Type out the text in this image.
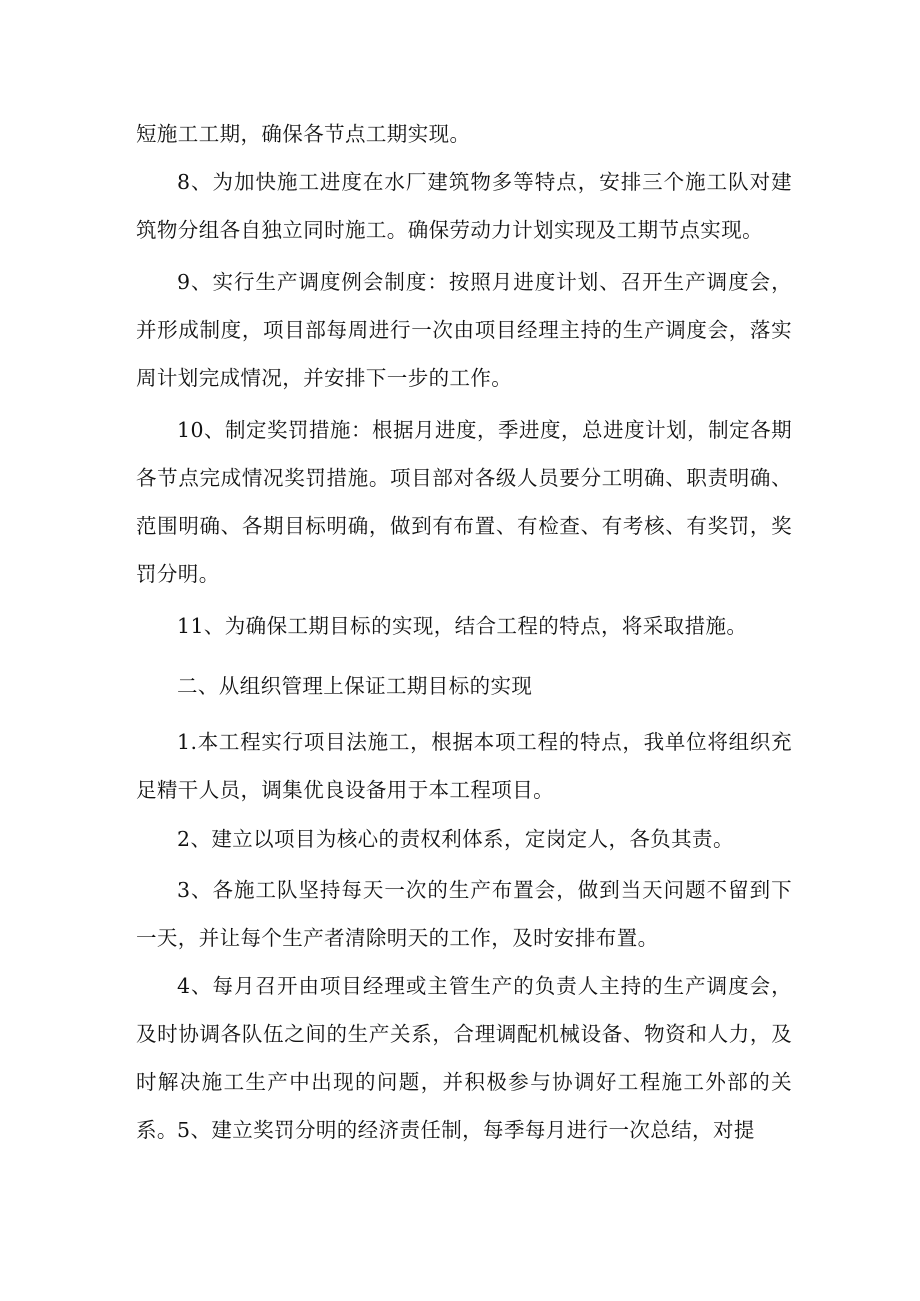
短施工工期，确保各节点工期实现。

8、为加快施工进度在水厂建筑物多等特点，安排三个施工队对建筑物分组各自独立同时施工。确保劳动力计划实现及工期节点实现。

9、实行生产调度例会制度：按照月进度计划、召开生产调度会，并形成制度，项目部每周进行一次由项目经理主持的生产调度会，落实周计划完成情况，并安排下一步的工作。

10、制定奖罚措施：根据月进度，季进度，总进度计划，制定各期各节点完成情况奖罚措施。项目部对各级人员要分工明确、职责明确、范围明确、各期目标明确，做到有布置、有检查、有考核、有奖罚，奖罚分明。

11、为确保工期目标的实现，结合工程的特点，将采取措施。

二、从组织管理上保证工期目标的实现

1.本工程实行项目法施工，根据本项工程的特点，我单位将组织充足精干人员，调集优良设备用于本工程项目。

2、建立以项目为核心的责权利体系，定岗定人，各负其责。

3、各施工队坚持每天一次的生产布置会，做到当天问题不留到下一天，并让每个生产者清除明天的工作，及时安排布置。

4、每月召开由项目经理或主管生产的负责人主持的生产调度会，及时协调各队伍之间的生产关系，合理调配机械设备、物资和人力，及时解决施工生产中出现的问题，并积极参与协调好工程施工外部的关系。 5、建立奖罚分明的经济责任制，每季每月进行一次总结，对提
